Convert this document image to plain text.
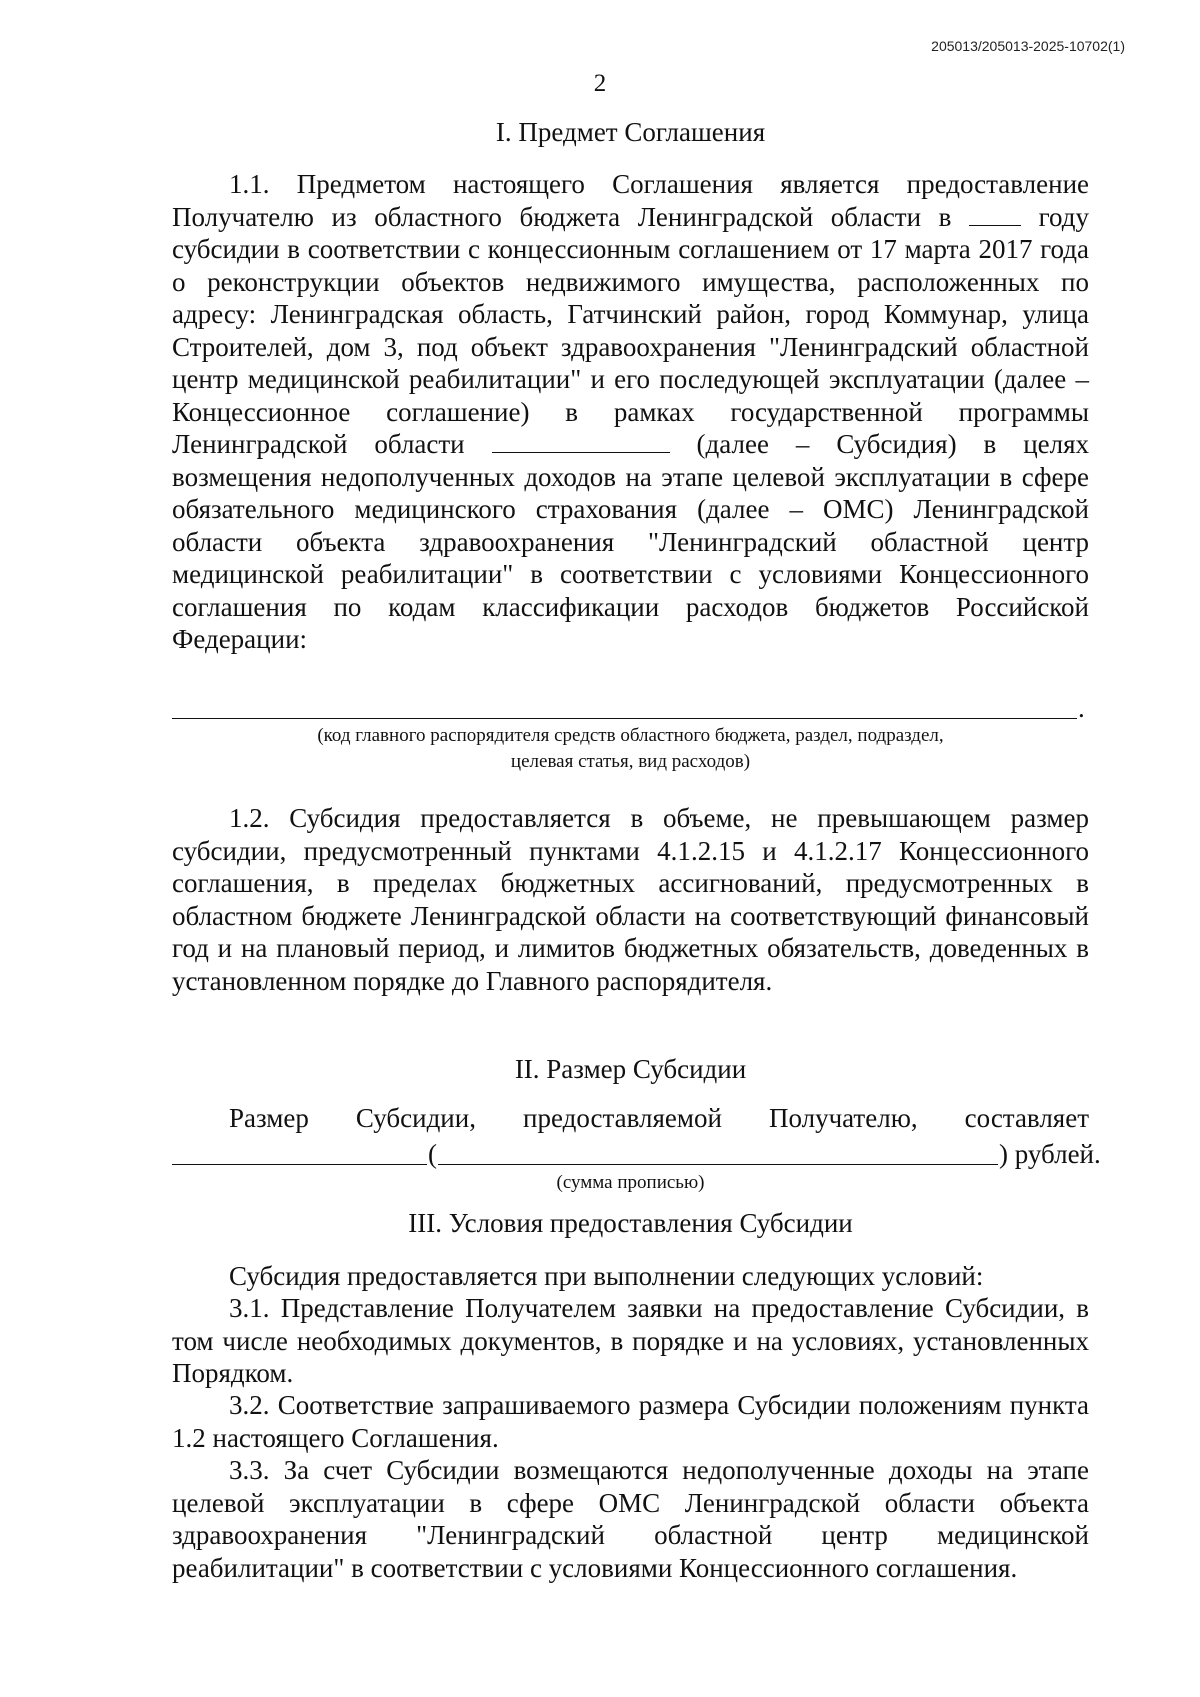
205013/205013-2025-10702(1)
2
I. Предмет Соглашения

1.1. Предметом настоящего Соглашения является предоставление Получателю из областного бюджета Ленинградской области в	году субсидии в соответствии с концессионным соглашением от 17 марта 2017 года о реконструкции объектов недвижимого имущества, расположенных по адресу: Ленинградская область, Гатчинский район, город Коммунар, улица Строителей, дом 3, под объект здравоохранения "Ленинградский областной центр медицинской реабилитации" и его последующей эксплуатации (далее – Концессионное соглашение) в рамках государственной программы Ленинградской области	(далее – Субсидия) в целях возмещения недополученных доходов на этапе целевой эксплуатации в сфере обязательного медицинского страхования (далее – ОМС) Ленинградской области объекта здравоохранения "Ленинградский областной центр медицинской реабилитации" в соответствии с условиями Концессионного соглашения по кодам классификации расходов бюджетов Российской Федерации:

.
(код главного распорядителя средств областного бюджета, раздел, подраздел,
целевая статья, вид расходов)

1.2. Субсидия предоставляется в объеме, не превышающем размер субсидии, предусмотренный пунктами 4.1.2.15 и 4.1.2.17 Концессионного соглашения, в пределах бюджетных ассигнований, предусмотренных в областном бюджете Ленинградской области на соответствующий финансовый год и на плановый период, и лимитов бюджетных обязательств, доведенных в установленном порядке до Главного распорядителя.

II. Размер Субсидии

Размер Субсидии, предоставляемой Получателю, составляет

(	) рублей.
(сумма прописью)
III. Условия предоставления Субсидии

Субсидия предоставляется при выполнении следующих условий:

3.1. Представление Получателем заявки на предоставление Субсидии, в том числе необходимых документов, в порядке и на условиях, установленных Порядком.

3.2. Соответствие запрашиваемого размера Субсидии положениям пункта 1.2 настоящего Соглашения.

3.3. За счет Субсидии возмещаются недополученные доходы на этапе целевой эксплуатации в сфере ОМС Ленинградской области объекта здравоохранения "Ленинградский областной центр медицинской реабилитации" в соответствии с условиями Концессионного соглашения.
